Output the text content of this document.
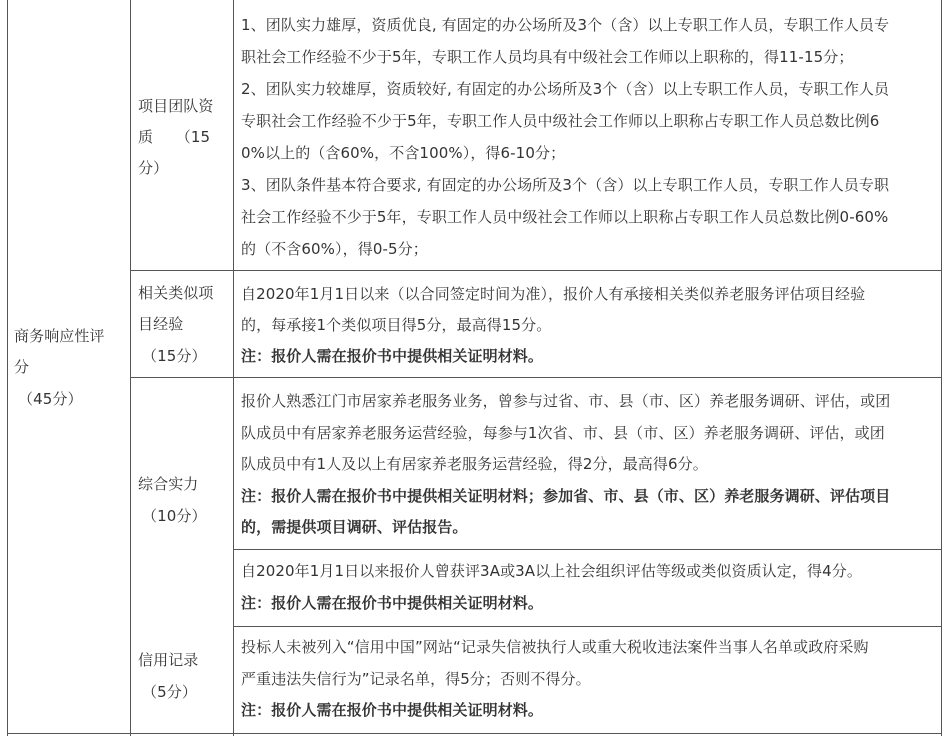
商务响应性评
分
（45分）
项目团队资
质　　（15
分）
1、团队实力雄厚，资质优良, 有固定的办公场所及3个（含）以上专职工作人员，专职工作人员专
职社会工作经验不少于5年，专职工作人员均具有中级社会工作师以上职称的，得11-15分；
2、团队实力较雄厚，资质较好, 有固定的办公场所及3个（含）以上专职工作人员，专职工作人员
专职社会工作经验不少于5年，专职工作人员中级社会工作师以上职称占专职工作人员总数比例6
0%以上的（含60%，不含100%），得6-10分；
3、团队条件基本符合要求, 有固定的办公场所及3个（含）以上专职工作人员，专职工作人员专职
社会工作经验不少于5年，专职工作人员中级社会工作师以上职称占专职工作人员总数比例0-60%
的（不含60%），得0-5分；
相关类似项
目经验
（15分）
自2020年1月1日以来（以合同签定时间为准），报价人有承接相关类似养老服务评估项目经验
的，每承接1个类似项目得5分，最高得15分。
注：报价人需在报价书中提供相关证明材料。
综合实力
（10分）
报价人熟悉江门市居家养老服务业务，曾参与过省、市、县（市、区）养老服务调研、评估，或团
队成员中有居家养老服务运营经验，每参与1次省、市、县（市、区）养老服务调研、评估，或团
队成员中有1人及以上有居家养老服务运营经验，得2分，最高得6分。
注：报价人需在报价书中提供相关证明材料；参加省、市、县（市、区）养老服务调研、评估项目
的，需提供项目调研、评估报告。
自2020年1月1日以来报价人曾获评3A或3A以上社会组织评估等级或类似资质认定，得4分。
注：报价人需在报价书中提供相关证明材料。
信用记录
（5分）
投标人未被列入“信用中国”网站“记录失信被执行人或重大税收违法案件当事人名单或政府采购
严重违法失信行为”记录名单，得5分；否则不得分。
注：报价人需在报价书中提供相关证明材料。
